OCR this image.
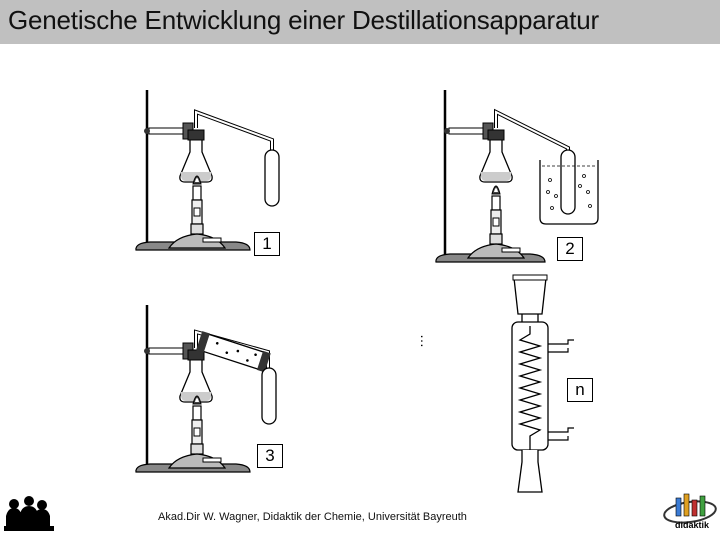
Genetische Entwicklung einer Destillationsapparatur
didaktik
1	2
3
n
…
Akad.Dir W. Wagner, Didaktik der Chemie, Universität Bayreuth
